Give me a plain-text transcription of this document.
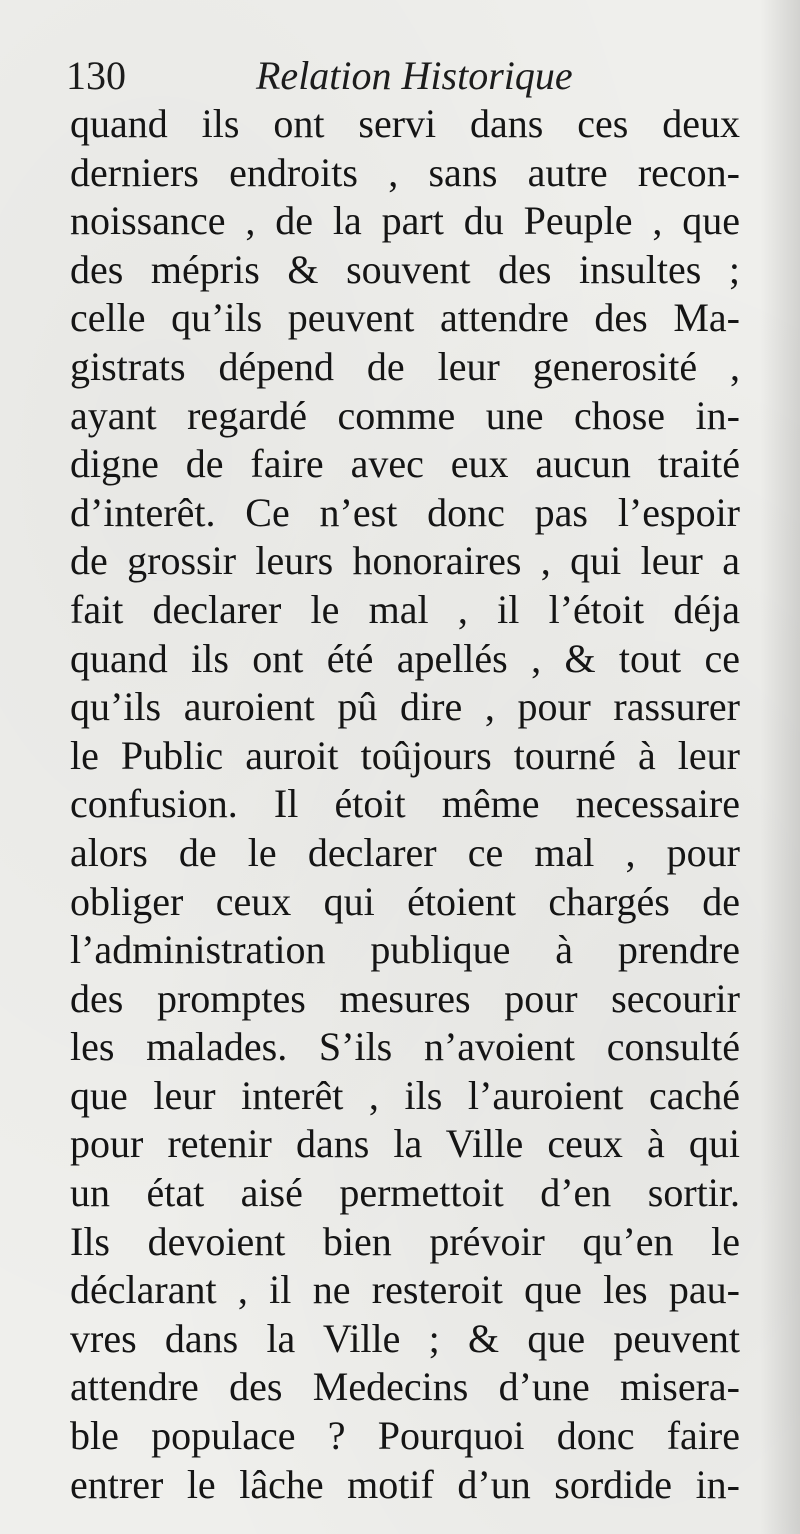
130	Relation Historique
quand ils ont servi dans ces deux
derniers endroits , sans autre recon-
noissance , de la part du Peuple , que
des mépris & souvent des insultes ;
celle qu’ils peuvent attendre des Ma-
gistrats dépend de leur generosité ,
ayant regardé comme une chose in-
digne de faire avec eux aucun traité
d’interêt. Ce n’est donc pas l’espoir
de grossir leurs honoraires , qui leur a
fait declarer le mal , il l’étoit déja
quand ils ont été apellés , & tout ce
qu’ils auroient pû dire , pour rassurer
le Public auroit toûjours tourné à leur
confusion. Il étoit même necessaire
alors de le declarer ce mal , pour
obliger ceux qui étoient chargés de
l’administration publique à prendre
des promptes mesures pour secourir
les malades. S’ils n’avoient consulté
que leur interêt , ils l’auroient caché
pour retenir dans la Ville ceux à qui
un état aisé permettoit d’en sortir.
Ils devoient bien prévoir qu’en le
déclarant , il ne resteroit que les pau-
vres dans la Ville ; & que peuvent
attendre des Medecins d’une misera-
ble populace ? Pourquoi donc faire
entrer le lâche motif d’un sordide in-
